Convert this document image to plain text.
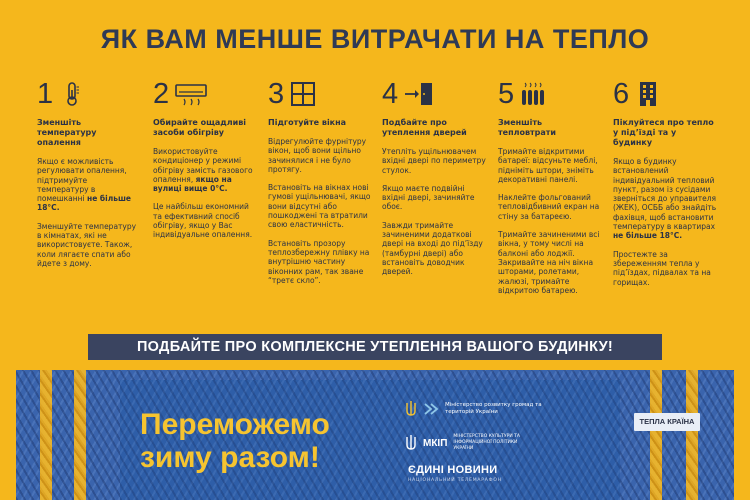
ЯК ВАМ МЕНШЕ ВИТРАЧАТИ НА ТЕПЛО
1
Зменшіть температуру опалення
Якщо є можливість регулювати опалення, підтримуйте температуру в помешканні не більше 18°C.
Зменшуйте температуру в кімнатах, які не використовуєте. Також, коли лягаєте спати або йдете з дому.
2
Обирайте ощадливі засоби обігріву
Використовуйте кондиціонер у режимі обігріву замість газового опалення, якщо на вулиці вище 0°C.
Це найбільш економний та ефективний спосіб обігріву, якщо у Вас індивідуальне опалення.
3
Підготуйте вікна
Відрегулюйте фурнітуру вікон, щоб вони щільно зачинялися і не було протягу.
Встановіть на вікнах нові гумові ущільнювачі, якщо вони відсутні або пошкоджені та втратили свою еластичність.
Встановіть прозору теплозбережну плівку на внутрішню частину віконних рам, так зване “третє скло”.
4
Подбайте про утеплення дверей
Утепліть ущільнювачем вхідні двері по периметру стулок.
Якщо маєте подвійні вхідні двері, зачиняйте обоє.
Завжди тримайте зачиненими додаткові двері на вході до під’їзду (тамбурні двері) або встановіть доводчик дверей.
5
Зменшіть тепловтрати
Тримайте відкритими батареї: відсуньте меблі, підніміть штори, зніміть декоративні панелі.
Наклейте фольгований тепловідбивний екран на стіну за батареєю.
Тримайте зачиненими всі вікна, у тому числі на балконі або лоджії. Закривайте на ніч вікна шторами, ролетами, жалюзі, тримайте відкритою батарею.
6
Піклуйтеся про тепло у під’їзді та у будинку
Якщо в будинку встановлений індивідуальний тепловий пункт, разом із сусідами зверніться до управителя (ЖЕК), ОСББ або знайдіть фахівця, щоб встановити температуру в квартирах не більше 18°C.
Простежте за збереженням тепла у під’їздах, підвалах та на горищах.
ПОДБАЙТЕ ПРО КОМПЛЕКСНЕ УТЕПЛЕННЯ ВАШОГО БУДИНКУ!
Переможемо
зиму разом!
Міністерство розвитку громад та територій України
МКІП
МІНІСТЕРСТВО КУЛЬТУРИ ТА ІНФОРМАЦІЙНОЇ ПОЛІТИКИ УКРАЇНИ
ЄДИНІ НОВИНИ
НАЦІОНАЛЬНИЙ ТЕЛЕМАРАФОН
ТЕПЛА КРАЇНА
